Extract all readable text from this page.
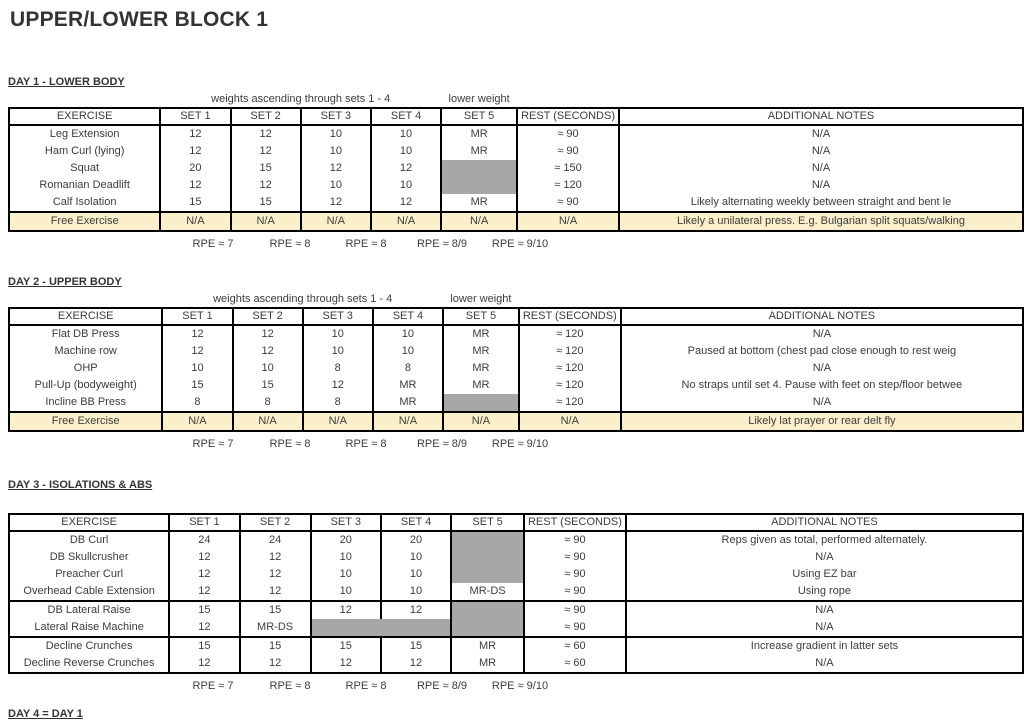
UPPER/LOWER BLOCK 1
DAY 1 - LOWER BODY
	weights ascending through sets 1 - 4				lower weight		
EXERCISE	SET 1	SET 2	SET 3	SET 4	SET 5	REST (SECONDS)	ADDITIONAL NOTES
Leg Extension	12	12	10	10	MR	≈ 90	N/A
Ham Curl (lying)	12	12	10	10	MR	≈ 90	N/A
Squat	20	15	12	12		≈ 150	N/A
Romanian Deadlift	12	12	10	10		≈ 120	N/A
Calf Isolation	15	15	12	12	MR	≈ 90	Likely alternating weekly between straight and bent le
Free Exercise	N/A	N/A	N/A	N/A	N/A	N/A	Likely a unilateral press. E.g. Bulgarian split squats/walking
RPE ≈ 7	RPE ≈ 8	RPE ≈ 8	RPE ≈ 8/9 RPE ≈ 9/10
DAY 2 - UPPER BODY
	weights ascending through sets 1 - 4				lower weight		
EXERCISE	SET 1	SET 2	SET 3	SET 4	SET 5	REST (SECONDS)	ADDITIONAL NOTES
Flat DB Press	12	12	10	10	MR	≈ 120	N/A
Machine row	12	12	10	10	MR	≈ 120	Paused at bottom (chest pad close enough to rest weig
OHP	10	10	8	8	MR	≈ 120	N/A
Pull-Up (bodyweight)	15	15	12	MR	MR	≈ 120	No straps until set 4. Pause with feet on step/floor betwee
Incline BB Press	8	8	8	MR		≈ 120	N/A
Free Exercise	N/A	N/A	N/A	N/A	N/A	N/A	Likely lat prayer or rear delt fly
RPE ≈ 7	RPE ≈ 8	RPE ≈ 8	RPE ≈ 8/9 RPE ≈ 9/10
DAY 3 - ISOLATIONS & ABS
EXERCISE	SET 1	SET 2	SET 3	SET 4	SET 5	REST (SECONDS)	ADDITIONAL NOTES
DB Curl	24	24	20	20		≈ 90	Reps given as total, performed alternately.
DB Skullcrusher	12	12	10	10		≈ 90	N/A
Preacher Curl	12	12	10	10		≈ 90	Using EZ bar
Overhead Cable Extension	12	12	10	10	MR-DS	≈ 90	Using rope
DB Lateral Raise	15	15	12	12		≈ 90	N/A
Lateral Raise Machine	12	MR-DS				≈ 90	N/A
Decline Crunches	15	15	15	15	MR	≈ 60	Increase gradient in latter sets
Decline Reverse Crunches	12	12	12	12	MR	≈ 60	N/A
RPE ≈ 7	RPE ≈ 8	RPE ≈ 8	RPE ≈ 8/9 RPE ≈ 9/10
DAY 4 = DAY 1
